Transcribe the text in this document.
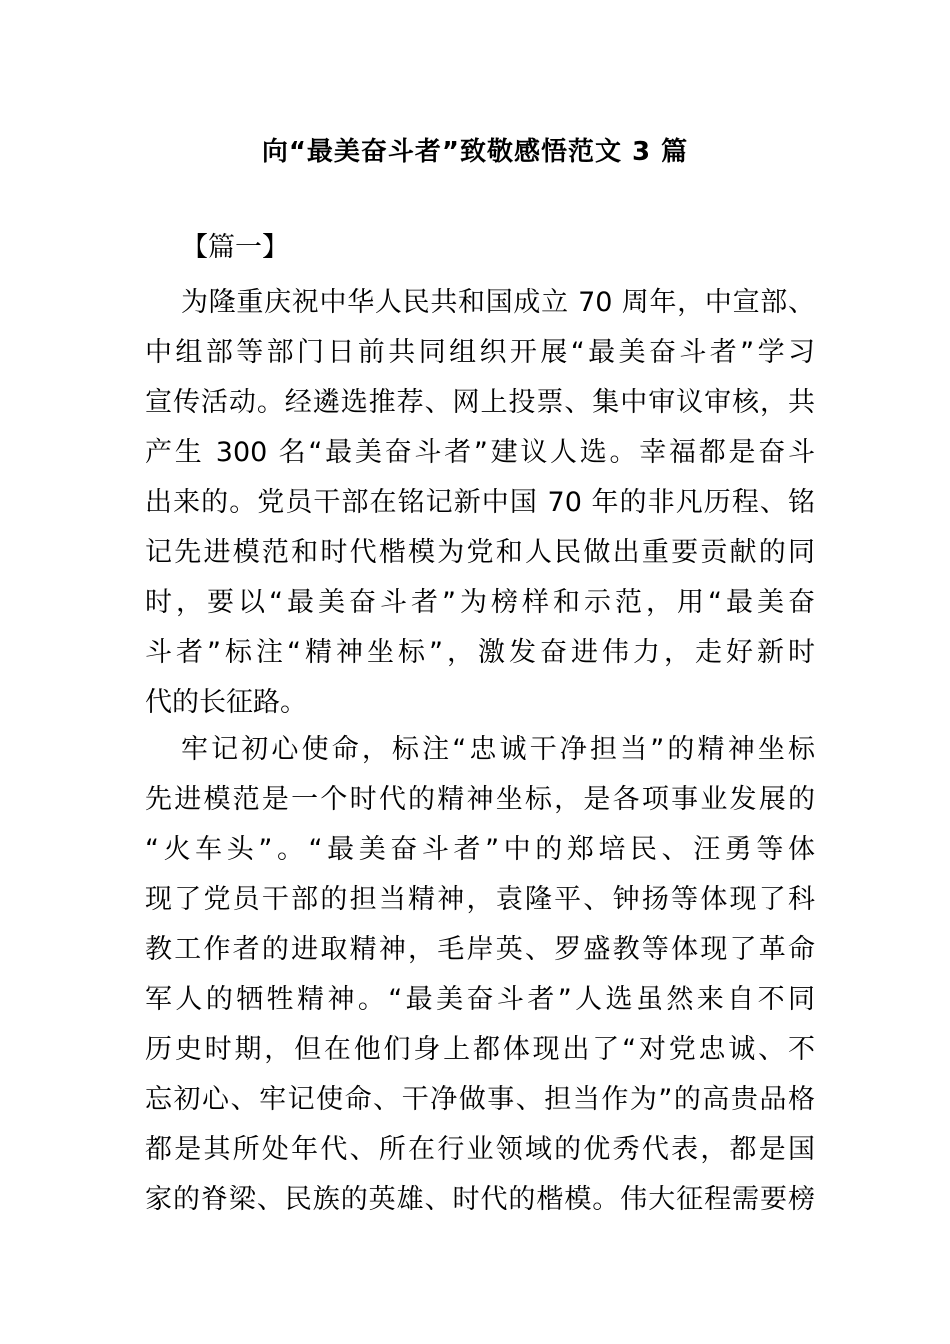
向“最美奋斗者”致敬感悟范文 3 篇
【篇一】
为隆重庆祝中华人民共和国成立 70 周年，中宣部、
中组部等部门日前共同组织开展“最美奋斗者”学习
宣传活动。经遴选推荐、网上投票、集中审议审核，共
产生 300 名“最美奋斗者”建议人选。幸福都是奋斗
出来的。党员干部在铭记新中国 70 年的非凡历程、铭
记先进模范和时代楷模为党和人民做出重要贡献的同
时，要以“最美奋斗者”为榜样和示范，用“最美奋
斗者”标注“精神坐标”，激发奋进伟力，走好新时
代的长征路。
牢记初心使命，标注“忠诚干净担当”的精神坐标
先进模范是一个时代的精神坐标，是各项事业发展的
“火车头”。“最美奋斗者”中的郑培民、汪勇等体
现了党员干部的担当精神，袁隆平、钟扬等体现了科
教工作者的进取精神，毛岸英、罗盛教等体现了革命
军人的牺牲精神。“最美奋斗者”人选虽然来自不同
历史时期，但在他们身上都体现出了“对党忠诚、不
忘初心、牢记使命、干净做事、担当作为”的高贵品格
都是其所处年代、所在行业领域的优秀代表，都是国
家的脊梁、民族的英雄、时代的楷模。伟大征程需要榜
